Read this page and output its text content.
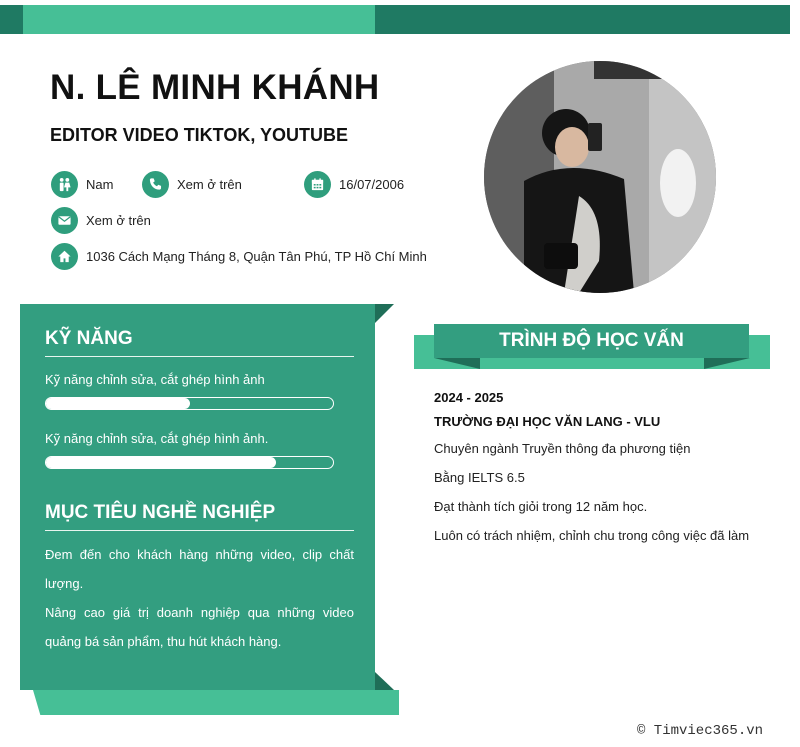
N. LÊ MINH KHÁNH
EDITOR VIDEO TIKTOK, YOUTUBE
Nam	Xem ở trên	16/07/2006
Xem ở trên
1036 Cách Mạng Tháng 8, Quận Tân Phú, TP Hồ Chí Minh
KỸ NĂNG
Kỹ năng chỉnh sửa, cắt ghép hình ảnh
Kỹ năng chỉnh sửa, cắt ghép hình ảnh.
MỤC TIÊU NGHỀ NGHIỆP
Đem đến cho khách hàng những video, clip chất lượng.
Nâng cao giá trị doanh nghiệp qua những video quảng bá sản phẩm, thu hút khách hàng.
TRÌNH ĐỘ HỌC VẤN
2024 - 2025
TRƯỜNG ĐẠI HỌC VĂN LANG - VLU
Chuyên ngành Truyền thông đa phương tiện
Bằng IELTS 6.5
Đạt thành tích giỏi trong 12 năm học.
Luôn có trách nhiệm, chỉnh chu trong công việc đã làm
© Timviec365.vn
